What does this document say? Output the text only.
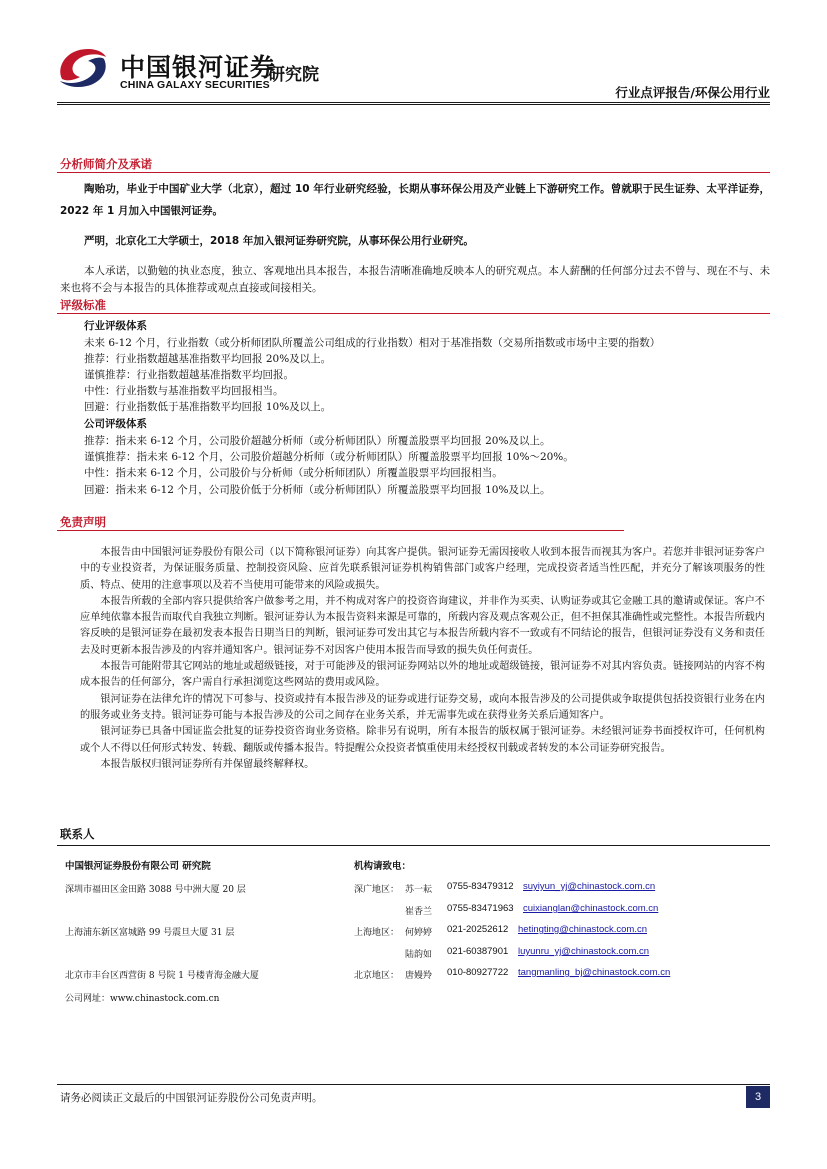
中国银河证券
研究院
CHINA GALAXY SECURITIES	行业点评报告/环保公用行业
分析师简介及承诺
陶贻功，毕业于中国矿业大学（北京），超过 10 年行业研究经验，长期从事环保公用及产业链上下游研究工作。曾就职于民生证券、太平洋证券，2022 年 1 月加入中国银河证券。
严明，北京化工大学硕士，2018 年加入银河证券研究院，从事环保公用行业研究。
本人承诺，以勤勉的执业态度，独立、客观地出具本报告，本报告清晰准确地反映本人的研究观点。本人薪酬的任何部分过去不曾与、现在不与、未来也将不会与本报告的具体推荐或观点直接或间接相关。
评级标准
行业评级体系
未来 6-12 个月，行业指数（或分析师团队所覆盖公司组成的行业指数）相对于基准指数（交易所指数或市场中主要的指数）
推荐：行业指数超越基准指数平均回报 20%及以上。
谨慎推荐：行业指数超越基准指数平均回报。
中性：行业指数与基准指数平均回报相当。
回避：行业指数低于基准指数平均回报 10%及以上。
公司评级体系
推荐：指未来 6-12 个月，公司股价超越分析师（或分析师团队）所覆盖股票平均回报 20%及以上。
谨慎推荐：指未来 6-12 个月，公司股价超越分析师（或分析师团队）所覆盖股票平均回报 10%～20%。
中性：指未来 6-12 个月，公司股价与分析师（或分析师团队）所覆盖股票平均回报相当。
回避：指未来 6-12 个月，公司股价低于分析师（或分析师团队）所覆盖股票平均回报 10%及以上。
免责声明

本报告由中国银河证券股份有限公司（以下简称银河证券）向其客户提供。银河证券无需因接收人收到本报告而视其为客户。若您并非银河证券客户中的专业投资者，为保证服务质量、控制投资风险、应首先联系银河证券机构销售部门或客户经理，完成投资者适当性匹配，并充分了解该项服务的性质、特点、使用的注意事项以及若不当使用可能带来的风险或损失。

本报告所载的全部内容只提供给客户做参考之用，并不构成对客户的投资咨询建议，并非作为买卖、认购证券或其它金融工具的邀请或保证。客户不应单纯依靠本报告而取代自我独立判断。银河证券认为本报告资料来源是可靠的，所载内容及观点客观公正，但不担保其准确性或完整性。本报告所载内容反映的是银河证券在最初发表本报告日期当日的判断，银河证券可发出其它与本报告所载内容不一致或有不同结论的报告，但银河证券没有义务和责任去及时更新本报告涉及的内容并通知客户。银河证券不对因客户使用本报告而导致的损失负任何责任。

本报告可能附带其它网站的地址或超级链接，对于可能涉及的银河证券网站以外的地址或超级链接，银河证券不对其内容负责。链接网站的内容不构成本报告的任何部分，客户需自行承担浏览这些网站的费用或风险。

银河证券在法律允许的情况下可参与、投资或持有本报告涉及的证券或进行证券交易，或向本报告涉及的公司提供或争取提供包括投资银行业务在内的服务或业务支持。银河证券可能与本报告涉及的公司之间存在业务关系，并无需事先或在获得业务关系后通知客户。

银河证券已具备中国证监会批复的证券投资咨询业务资格。除非另有说明，所有本报告的版权属于银河证券。未经银河证券书面授权许可，任何机构或个人不得以任何形式转发、转载、翻版或传播本报告。特提醒公众投资者慎重使用未经授权刊载或者转发的本公司证券研究报告。

本报告版权归银河证券所有并保留最终解释权。

联系人
中国银河证券股份有限公司 研究院
深圳市福田区金田路 3088 号中洲大厦 20 层
上海浦东新区富城路 99 号震旦大厦 31 层
北京市丰台区西营街 8 号院 1 号楼青海金融大厦
公司网址：www.chinastock.com.cn
机构请致电：
深广地区： 苏一耘 0755-83479312 suyiyun_yj@chinastock.com.cn
崔香兰 0755-83471963 cuixianglan@chinastock.com.cn
上海地区： 何婷婷 021-20252612 hetingting@chinastock.com.cn
陆韵如 021-60387901 luyunru_yj@chinastock.com.cn
北京地区： 唐嫚羚 010-80927722 tangmanling_bj@chinastock.com.cn
请务必阅读正文最后的中国银河证券股份公司免责声明。	3
